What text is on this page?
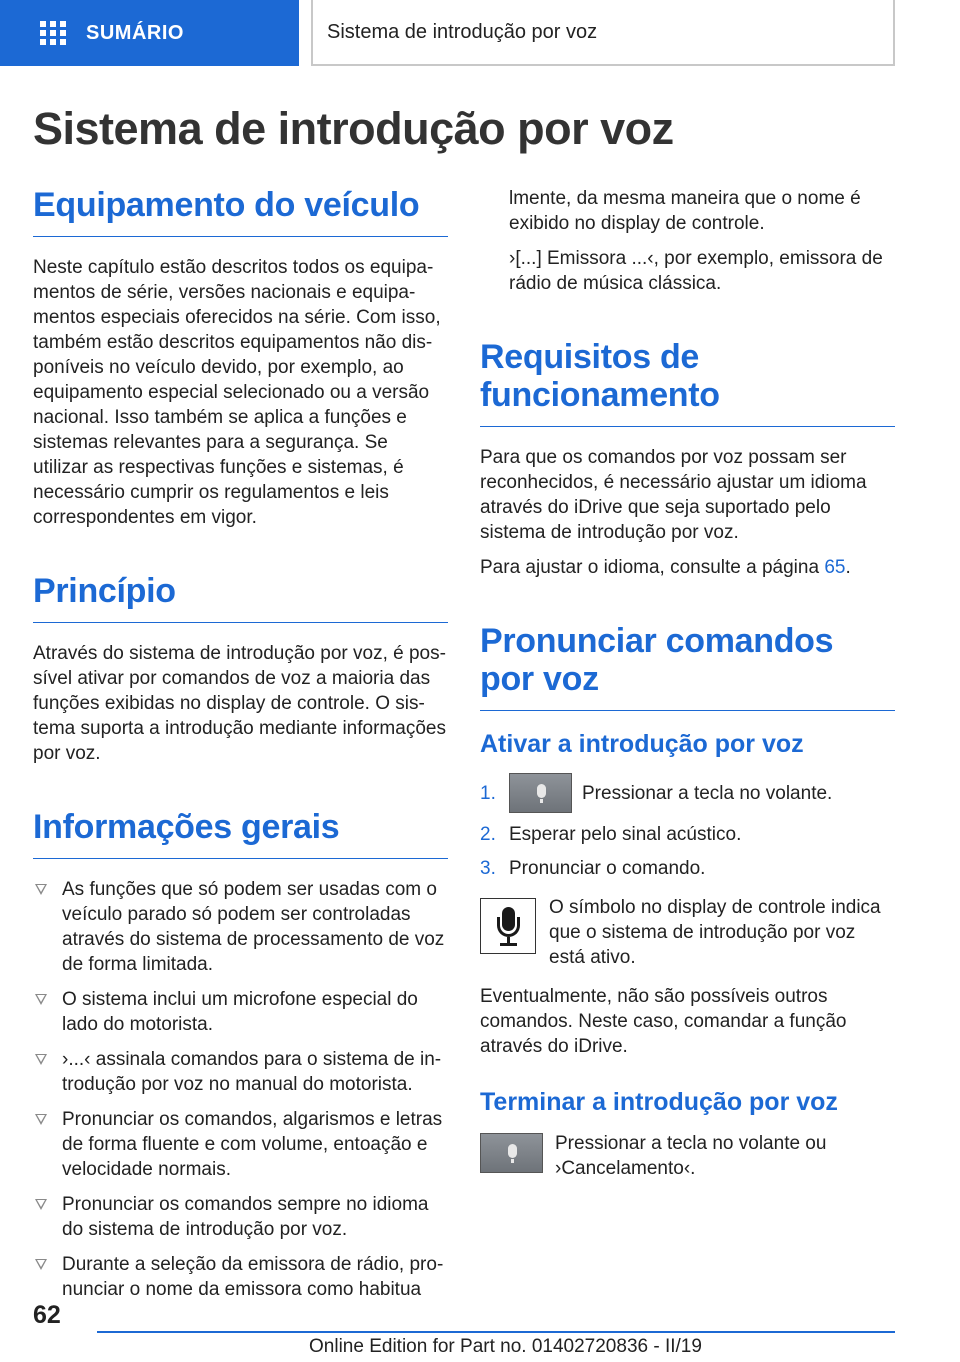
SUMÁRIO	Sistema de introdução por voz
Sistema de introdução por voz
Equipamento do veículo

Neste capítulo estão descritos todos os equipamentos de série, versões nacionais e equipamentos especiais oferecidos na série. Com isso, também estão descritos equipamentos não disponíveis no veículo devido, por exemplo, ao equipamento especial selecionado ou a versão nacional. Isso também se aplica a funções e sistemas relevantes para a segurança. Se utilizar as respectivas funções e sistemas, é necessário cumprir os regulamentos e leis correspondentes em vigor.

Princípio

Através do sistema de introdução por voz, é possível ativar por comandos de voz a maioria das funções exibidas no display de controle. O sistema suporta a introdução mediante informações por voz.

Informações gerais
As funções que só podem ser usadas com o veículo parado só podem ser controladas através do sistema de processamento de voz de forma limitada.
O sistema inclui um microfone especial do lado do motorista.
›...‹ assinala comandos para o sistema de introdução por voz no manual do motorista.
Pronunciar os comandos, algarismos e letras de forma fluente e com volume, entoação e velocidade normais.
Pronunciar os comandos sempre no idioma do sistema de introdução por voz.
Durante a seleção da emissora de rádio, pronunciar o nome da emissora como habitua

lmente, da mesma maneira que o nome é exibido no display de controle.

›[...] Emissora ...‹, por exemplo, emissora de rádio de música clássica.

Requisitos de funcionamento

Para que os comandos por voz possam ser reconhecidos, é necessário ajustar um idioma através do iDrive que seja suportado pelo sistema de introdução por voz.

Para ajustar o idioma, consulte a página 65.

Pronunciar comandos por voz
Ativar a introdução por voz
1.	Pressionar a tecla no volante.
2. Esperar pelo sinal acústico.
3. Pronunciar o comando.

O símbolo no display de controle indica que o sistema de introdução por voz está ativo.

Eventualmente, não são possíveis outros comandos. Neste caso, comandar a função através do iDrive.

Terminar a introdução por voz

Pressionar a tecla no volante ou ›Cancelamento‹.

62
Online Edition for Part no. 01402720836 - II/19
